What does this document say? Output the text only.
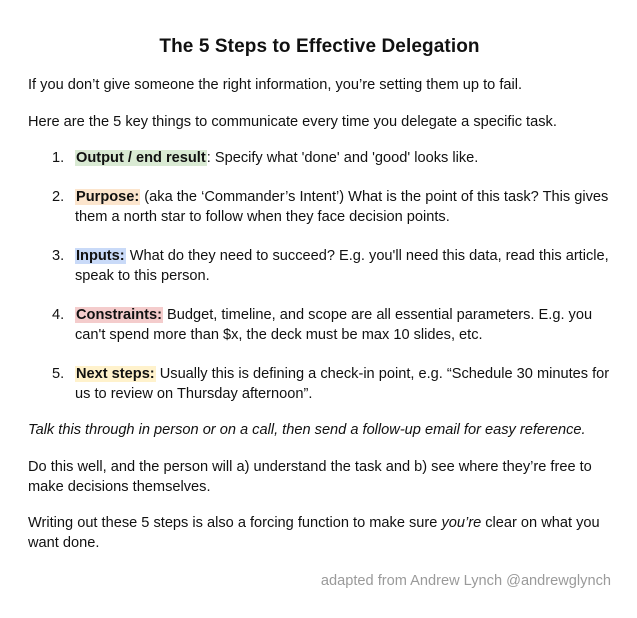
The 5 Steps to Effective Delegation

If you don’t give someone the right information, you’re setting them up to fail.

Here are the 5 key things to communicate every time you delegate a specific task.

1. Output / end result: Specify what 'done' and 'good' looks like.
2. Purpose: (aka the ‘Commander’s Intent’) What is the point of this task? This gives them a north star to follow when they face decision points.
3. Inputs: What do they need to succeed? E.g. you'll need this data, read this article, speak to this person.
4. Constraints: Budget, timeline, and scope are all essential parameters. E.g. you can't spend more than $x, the deck must be max 10 slides, etc.
5. Next steps: Usually this is defining a check-in point, e.g. “Schedule 30 minutes for us to review on Thursday afternoon”.

Talk this through in person or on a call, then send a follow-up email for easy reference.

Do this well, and the person will a) understand the task and b) see where they’re free to make decisions themselves.

Writing out these 5 steps is also a forcing function to make sure you’re clear on what you want done.

adapted from Andrew Lynch @andrewglynch
